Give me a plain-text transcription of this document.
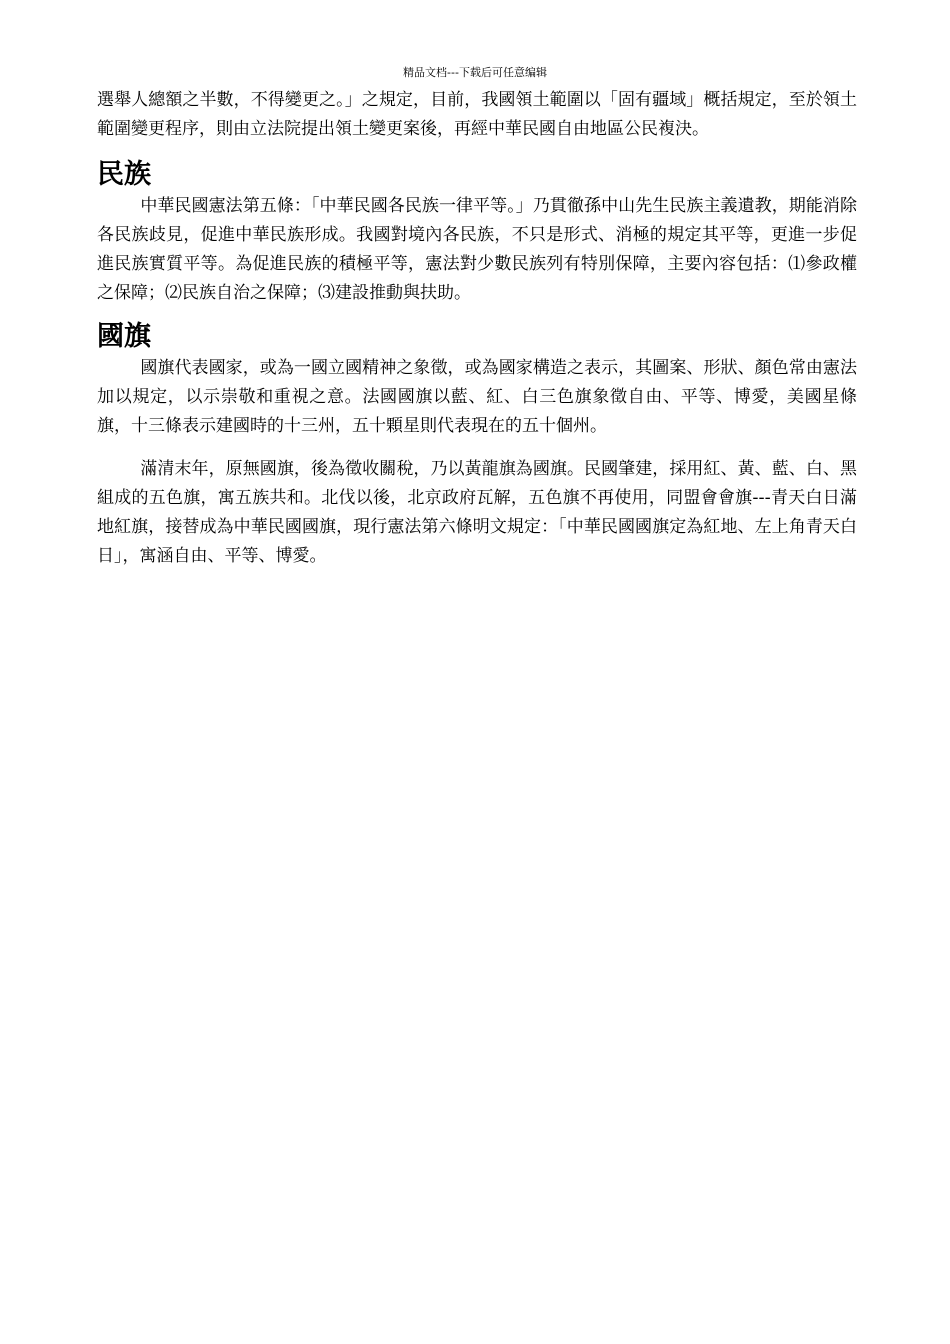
精品文档---下载后可任意编辑

選舉人總額之半數，不得變更之。」之規定，目前，我國領土範圍以「固有疆域」概括規定，至於領土範圍變更程序，則由立法院提出領土變更案後，再經中華民國自由地區公民複決。

民族

中華民國憲法第五條：「中華民國各民族一律平等。」乃貫徹孫中山先生民族主義遺教，期能消除各民族歧見，促進中華民族形成。我國對境內各民族，不只是形式、消極的規定其平等，更進一步促進民族實質平等。為促進民族的積極平等，憲法對少數民族列有特別保障，主要內容包括：⑴參政權之保障；⑵民族自治之保障；⑶建設推動與扶助。

國旗

國旗代表國家，或為一國立國精神之象徵，或為國家構造之表示，其圖案、形狀、顏色常由憲法加以規定，以示崇敬和重視之意。法國國旗以藍、紅、白三色旗象徵自由、平等、博愛，美國星條旗，十三條表示建國時的十三州，五十顆星則代表現在的五十個州。

滿清末年，原無國旗，後為徵收關稅，乃以黃龍旗為國旗。民國肇建，採用紅、黃、藍、白、黑組成的五色旗，寓五族共和。北伐以後，北京政府瓦解，五色旗不再使用，同盟會會旗---青天白日滿地紅旗，接替成為中華民國國旗，現行憲法第六條明文規定：「中華民國國旗定為紅地、左上角青天白日」，寓涵自由、平等、博愛。
